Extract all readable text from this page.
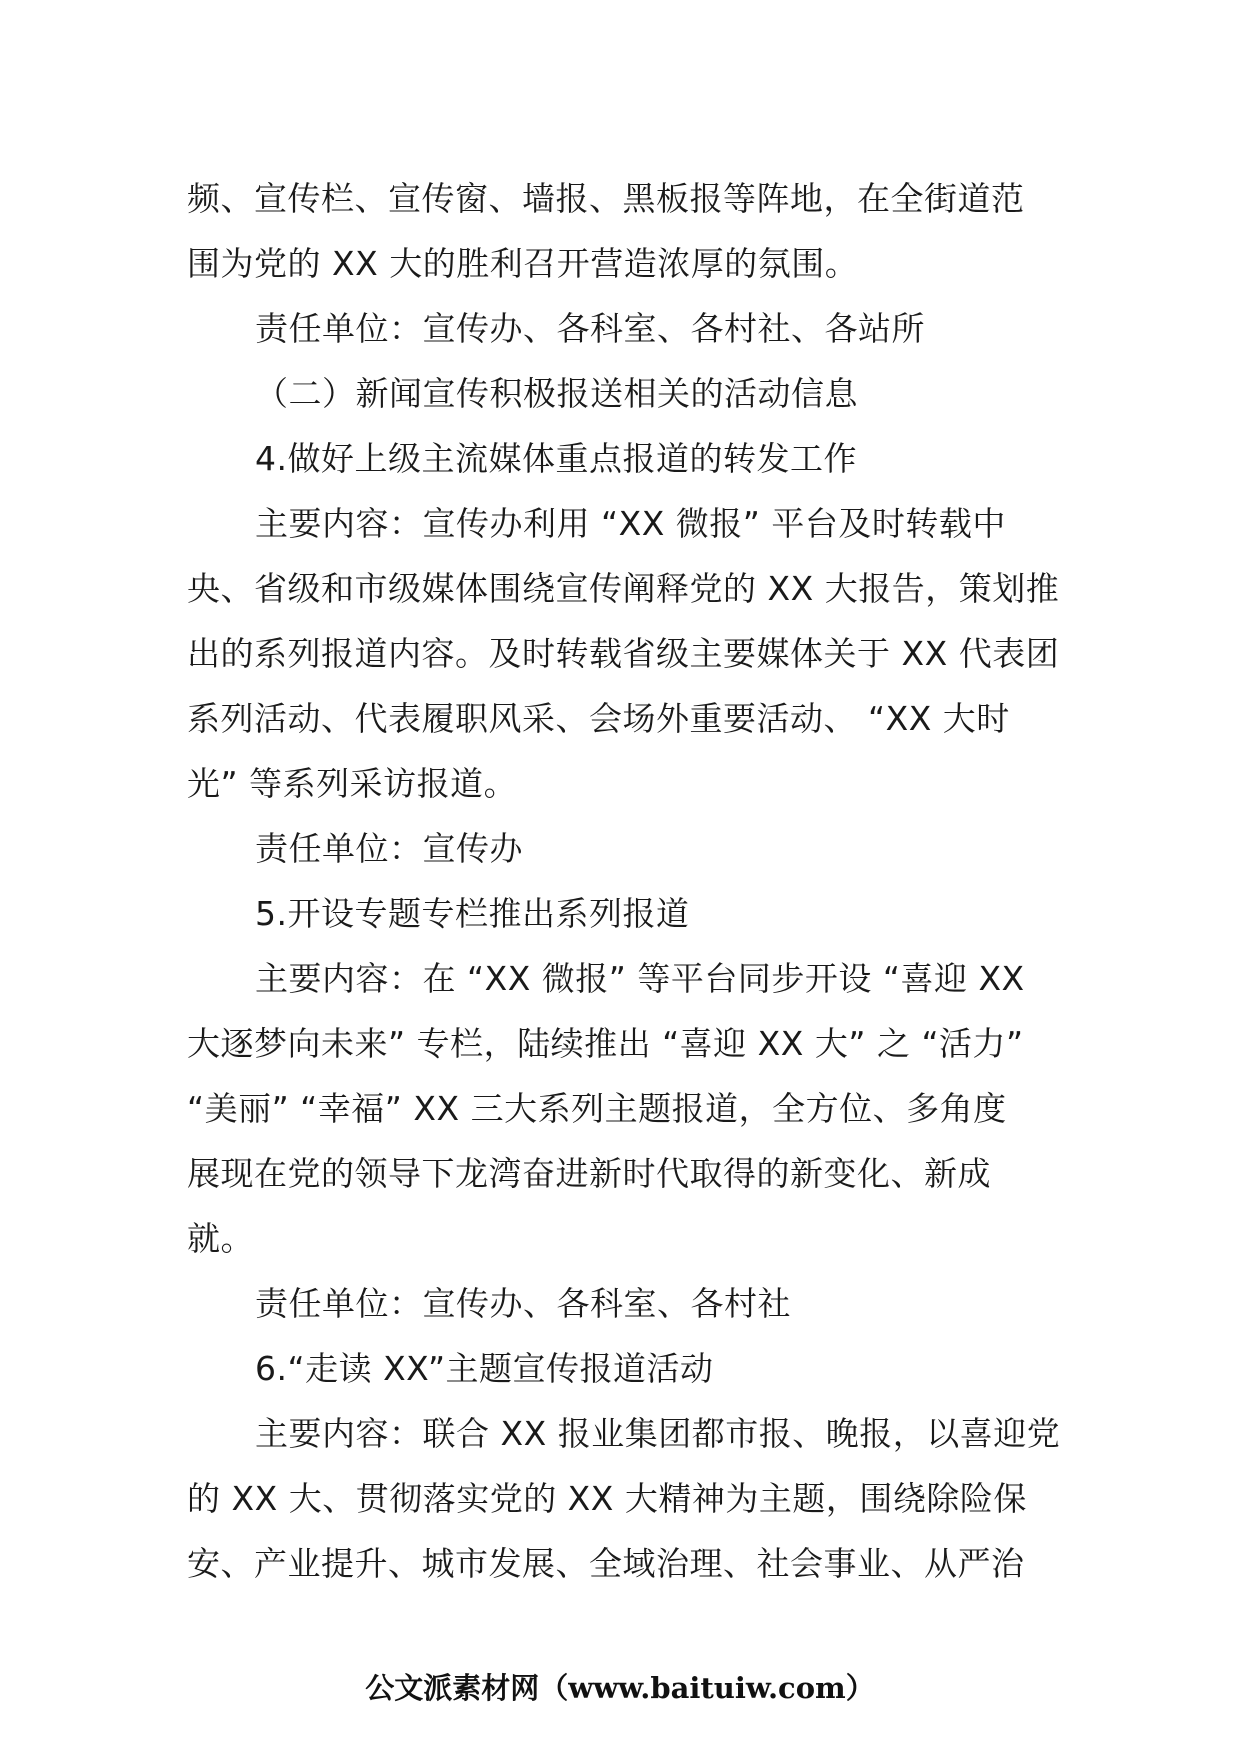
频、宣传栏、宣传窗、墙报、黑板报等阵地，在全街道范
围为党的 XX 大的胜利召开营造浓厚的氛围。
责任单位：宣传办、各科室、各村社、各站所
（二）新闻宣传积极报送相关的活动信息
4.做好上级主流媒体重点报道的转发工作
主要内容：宣传办利用 “XX 微报” 平台及时转载中
央、省级和市级媒体围绕宣传阐释党的 XX 大报告，策划推
出的系列报道内容。及时转载省级主要媒体关于 XX 代表团
系列活动、代表履职风采、会场外重要活动、 “XX 大时
光” 等系列采访报道。
责任单位：宣传办
5.开设专题专栏推出系列报道
主要内容：在 “XX 微报” 等平台同步开设 “喜迎 XX
大逐梦向未来” 专栏，陆续推出 “喜迎 XX 大” 之 “活力”
“美丽” “幸福” XX 三大系列主题报道，全方位、多角度
展现在党的领导下龙湾奋进新时代取得的新变化、新成
就。
责任单位：宣传办、各科室、各村社
6.“走读 XX”主题宣传报道活动
主要内容：联合 XX 报业集团都市报、晚报，以喜迎党
的 XX 大、贯彻落实党的 XX 大精神为主题，围绕除险保
安、产业提升、城市发展、全域治理、社会事业、从严治
公文派素材网（www.baituiw.com）
